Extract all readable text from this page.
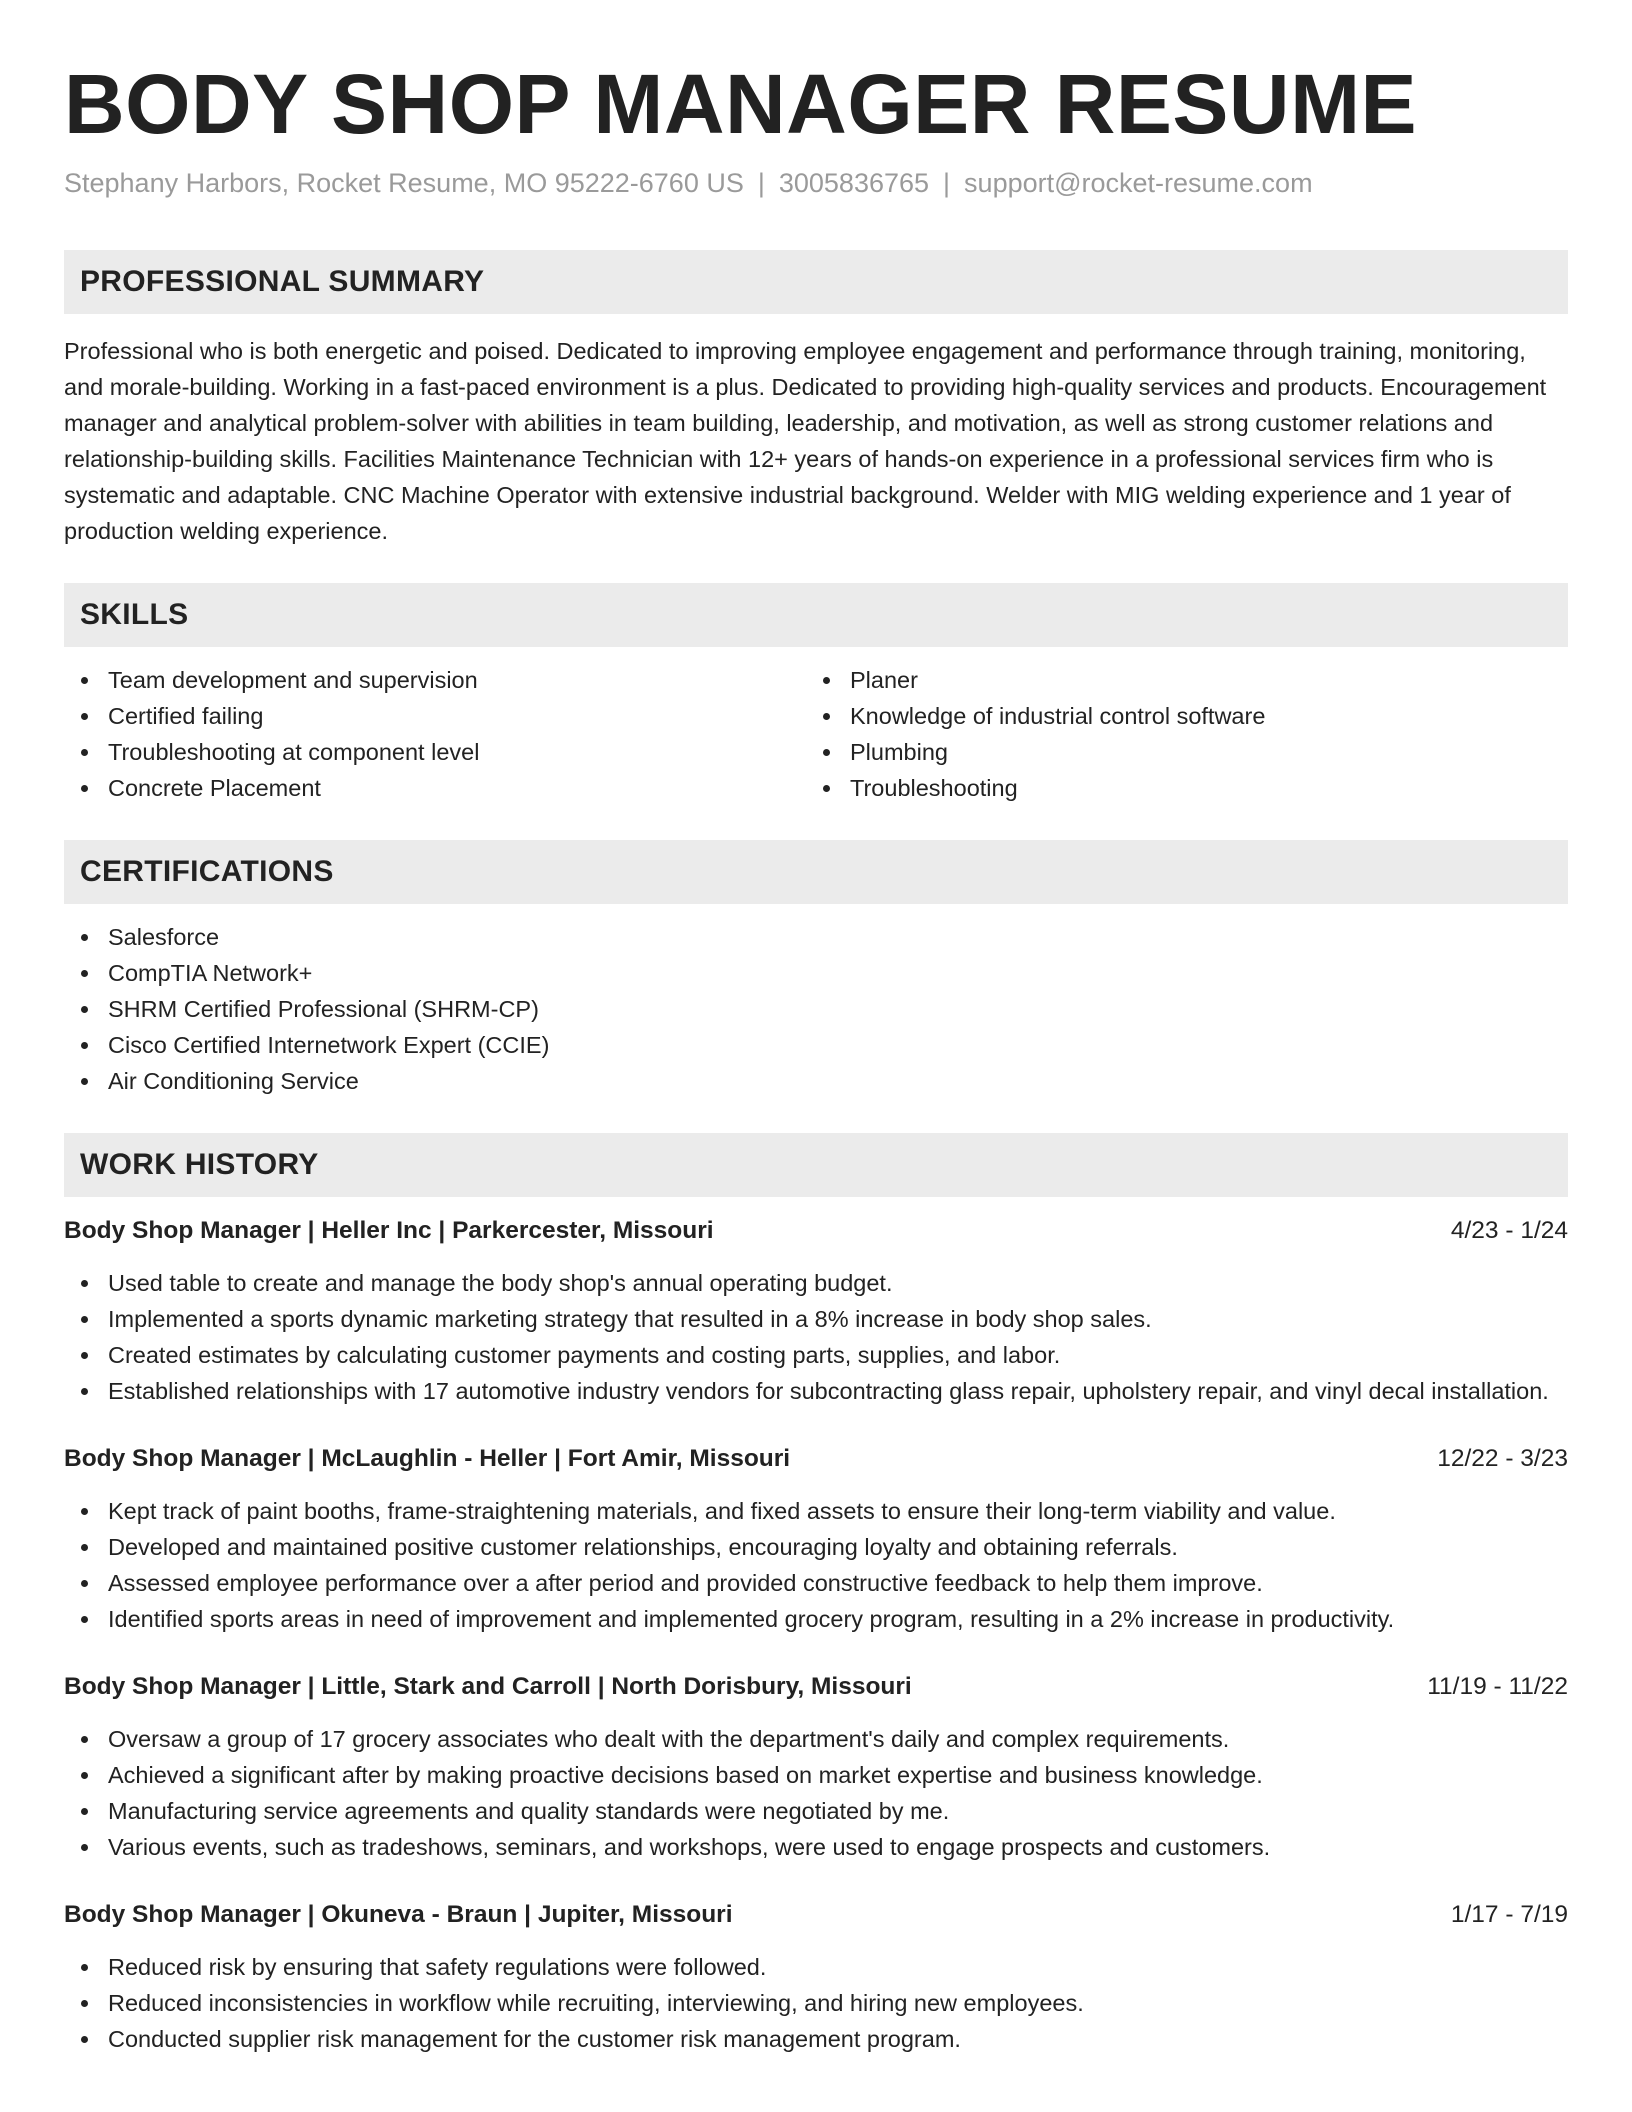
BODY SHOP MANAGER RESUME
Stephany Harbors, Rocket Resume, MO 95222-6760 US | 3005836765 | support@rocket-resume.com
PROFESSIONAL SUMMARY

Professional who is both energetic and poised. Dedicated to improving employee engagement and performance through training, monitoring, and morale-building. Working in a fast-paced environment is a plus. Dedicated to providing high-quality services and products. Encouragement manager and analytical problem-solver with abilities in team building, leadership, and motivation, as well as strong customer relations and relationship-building skills. Facilities Maintenance Technician with 12+ years of hands-on experience in a professional services firm who is systematic and adaptable. CNC Machine Operator with extensive industrial background. Welder with MIG welding experience and 1 year of production welding experience.

SKILLS
Team development and supervision
Certified failing
Troubleshooting at component level
Concrete Placement
Planer
Knowledge of industrial control software
Plumbing
Troubleshooting
CERTIFICATIONS
Salesforce
CompTIA Network+
SHRM Certified Professional (SHRM-CP)
Cisco Certified Internetwork Expert (CCIE)
Air Conditioning Service
WORK HISTORY
Body Shop Manager | Heller Inc | Parkercester, Missouri	4/23 - 1/24
Used table to create and manage the body shop's annual operating budget.
Implemented a sports dynamic marketing strategy that resulted in a 8% increase in body shop sales.
Created estimates by calculating customer payments and costing parts, supplies, and labor.
Established relationships with 17 automotive industry vendors for subcontracting glass repair, upholstery repair, and vinyl decal installation.
Body Shop Manager | McLaughlin - Heller | Fort Amir, Missouri	12/22 - 3/23
Kept track of paint booths, frame-straightening materials, and fixed assets to ensure their long-term viability and value.
Developed and maintained positive customer relationships, encouraging loyalty and obtaining referrals.
Assessed employee performance over a after period and provided constructive feedback to help them improve.
Identified sports areas in need of improvement and implemented grocery program, resulting in a 2% increase in productivity.
Body Shop Manager | Little, Stark and Carroll | North Dorisbury, Missouri	11/19 - 11/22
Oversaw a group of 17 grocery associates who dealt with the department's daily and complex requirements.
Achieved a significant after by making proactive decisions based on market expertise and business knowledge.
Manufacturing service agreements and quality standards were negotiated by me.
Various events, such as tradeshows, seminars, and workshops, were used to engage prospects and customers.
Body Shop Manager | Okuneva - Braun | Jupiter, Missouri	1/17 - 7/19
Reduced risk by ensuring that safety regulations were followed.
Reduced inconsistencies in workflow while recruiting, interviewing, and hiring new employees.
Conducted supplier risk management for the customer risk management program.
